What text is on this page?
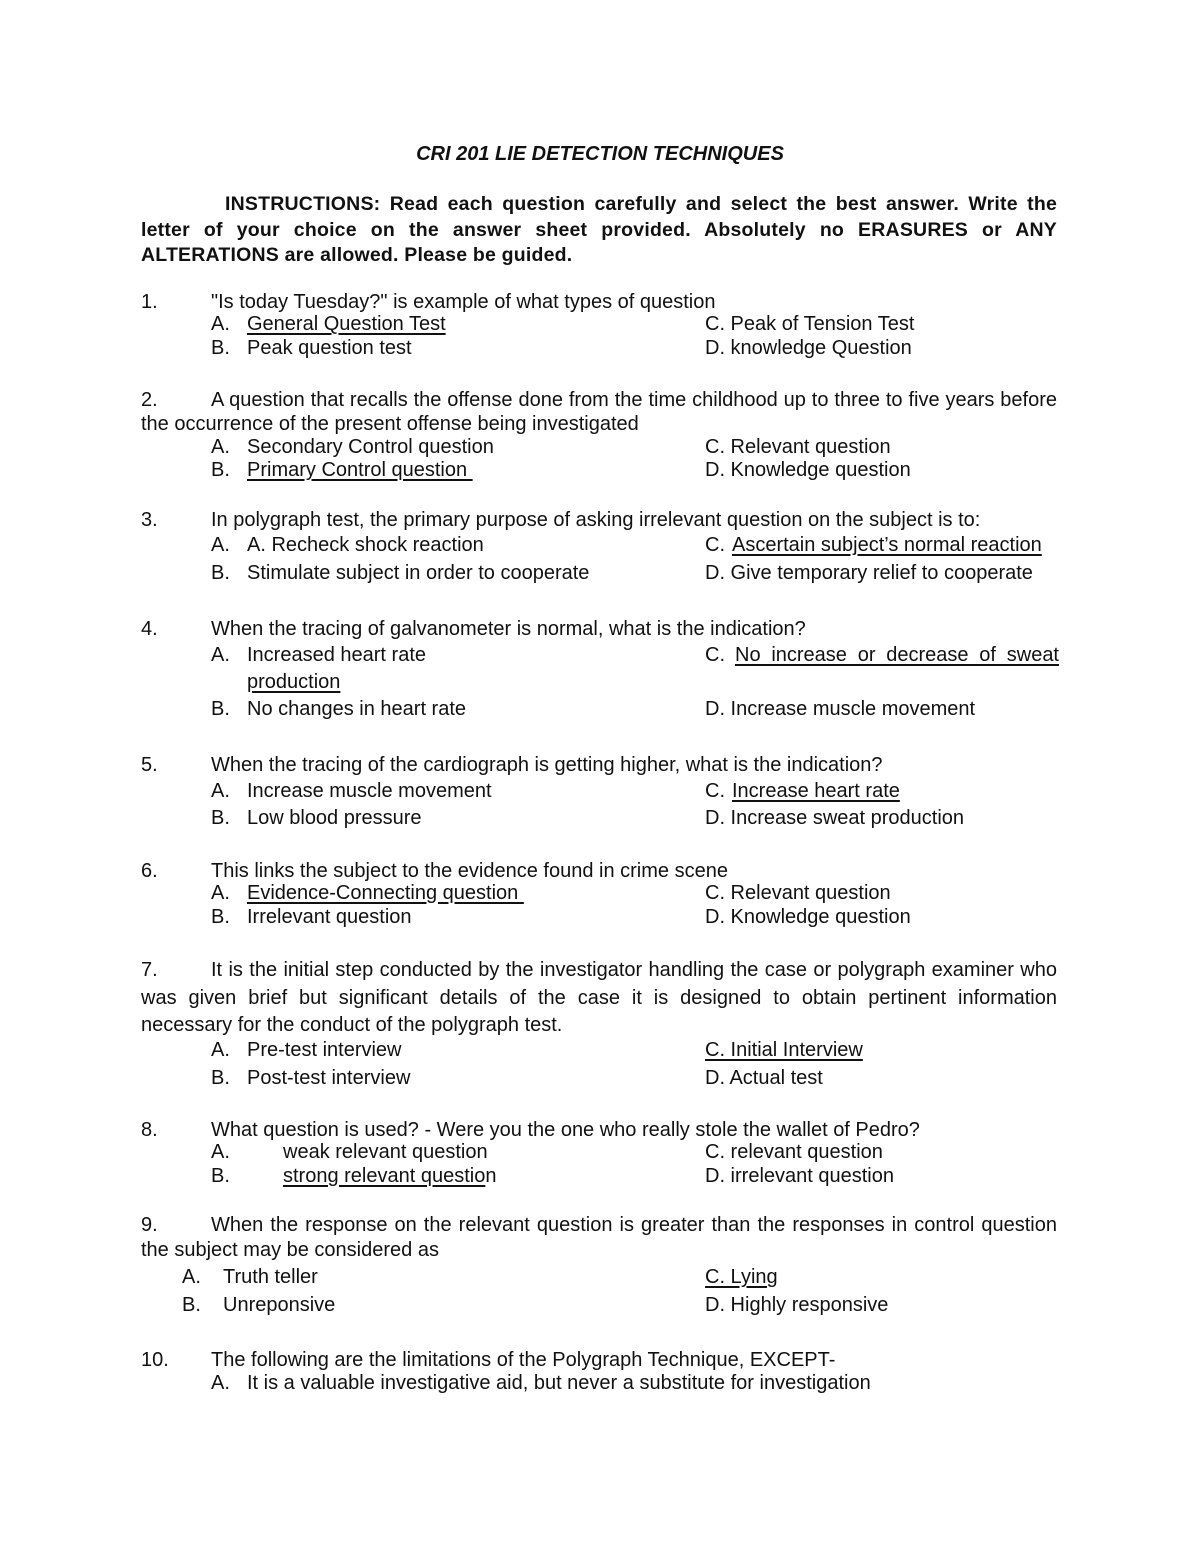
CRI 201 LIE DETECTION TECHNIQUES
INSTRUCTIONS: Read each question carefully and select the best answer. Write the letter of your choice on the answer sheet provided. Absolutely no ERASURES or ANY ALTERATIONS are allowed. Please be guided.
1.	"Is today Tuesday?" is example of what types of question
A. General Question Test	C. Peak of Tension Test
B. Peak question test	D. knowledge Question
2.	A question that recalls the offense done from the time childhood up to three to five years before the occurrence of the present offense being investigated
A. Secondary Control question	C. Relevant question
B. Primary Control question	D. Knowledge question
3.	In polygraph test, the primary purpose of asking irrelevant question on the subject is to:
A. A. Recheck shock reaction	C. Ascertain subject’s normal reaction
B. Stimulate subject in order to cooperate	D. Give temporary relief to cooperate
4.	When the tracing of galvanometer is normal, what is the indication?
A. Increased heart rate	C. No increase or decrease of sweat production
B. No changes in heart rate	D. Increase muscle movement
5.	When the tracing of the cardiograph is getting higher, what is the indication?
A. Increase muscle movement	C. Increase heart rate
B. Low blood pressure	D. Increase sweat production
6.	This links the subject to the evidence found in crime scene
A. Evidence-Connecting question	C. Relevant question
B. Irrelevant question	D. Knowledge question
7.	It is the initial step conducted by the investigator handling the case or polygraph examiner who was given brief but significant details of the case it is designed to obtain pertinent information necessary for the conduct of the polygraph test.
A. Pre-test interview	C. Initial Interview
B. Post-test interview	D. Actual test
8.	What question is used? - Were you the one who really stole the wallet of Pedro?
A.	weak relevant question	C. relevant question
B.	strong relevant question	D. irrelevant question
9.	When the response on the relevant question is greater than the responses in control question the subject may be considered as
A. Truth teller	C. Lying
B. Unreponsive	D. Highly responsive
10. The following are the limitations of the Polygraph Technique, EXCEPT-
A. It is a valuable investigative aid, but never a substitute for investigation
